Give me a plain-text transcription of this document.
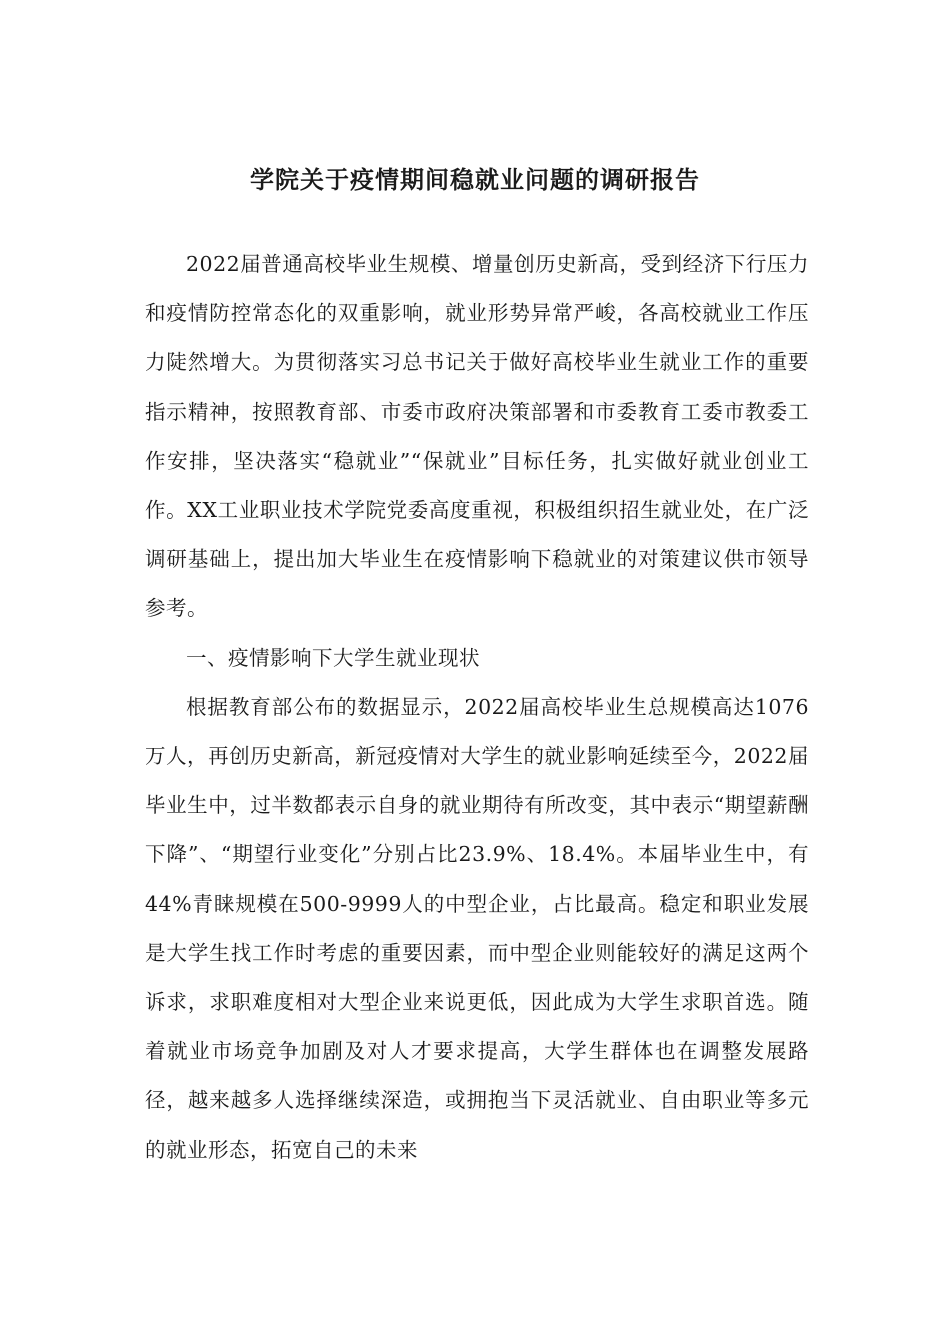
学院关于疫情期间稳就业问题的调研报告

2022届普通高校毕业生规模、增量创历史新高，受到经济下行压力和疫情防控常态化的双重影响，就业形势异常严峻，各高校就业工作压力陡然增大。为贯彻落实习总书记关于做好高校毕业生就业工作的重要指示精神，按照教育部、市委市政府决策部署和市委教育工委市教委工作安排，坚决落实“稳就业”“保就业”目标任务，扎实做好就业创业工作。XX工业职业技术学院党委高度重视，积极组织招生就业处，在广泛调研基础上，提出加大毕业生在疫情影响下稳就业的对策建议供市领导参考。

一、疫情影响下大学生就业现状

根据教育部公布的数据显示，2022届高校毕业生总规模高达1076万人，再创历史新高，新冠疫情对大学生的就业影响延续至今，2022届毕业生中，过半数都表示自身的就业期待有所改变，其中表示“期望薪酬下降”、“期望行业变化”分别占比23.9%、18.4%。本届毕业生中，有44%青睐规模在500-9999人的中型企业，占比最高。稳定和职业发展是大学生找工作时考虑的重要因素，而中型企业则能较好的满足这两个诉求，求职难度相对大型企业来说更低，因此成为大学生求职首选。随着就业市场竞争加剧及对人才要求提高，大学生群体也在调整发展路径，越来越多人选择继续深造，或拥抱当下灵活就业、自由职业等多元的就业形态，拓宽自己的未来
